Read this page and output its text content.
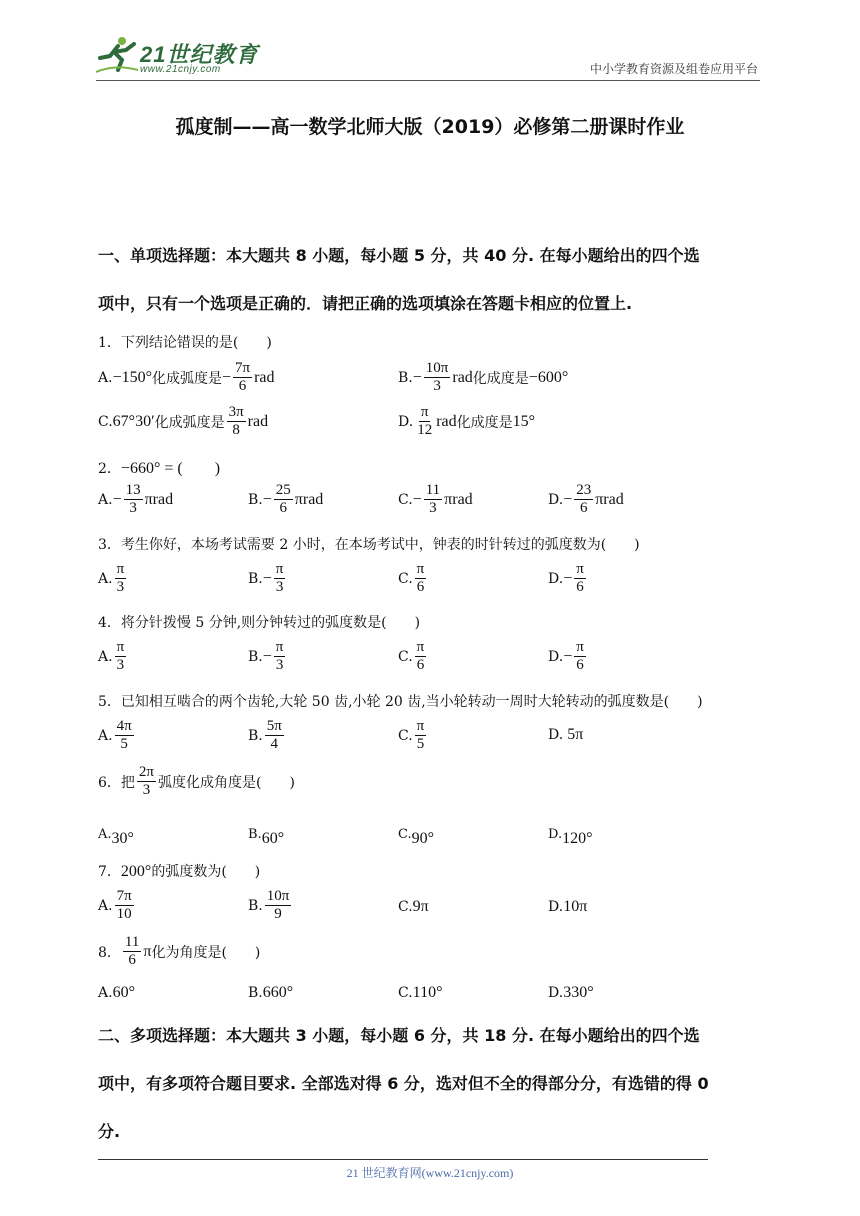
21世纪教育
www.21cnjy.com	中小学教育资源及组卷应用平台
孤度制——高一数学北师大版（2019）必修第二册课时作业
一、单项选择题：本大题共 8 小题，每小题 5 分，共 40 分. 在每小题给出的四个选
项中，只有一个选项是正确的．请把正确的选项填涂在答题卡相应的位置上.
1．下列结论错误的是(　　)
A. −150° 化成弧度是 − $\frac{7\pi}{6}$ rad	B. − $\frac{10\pi}{3}$ rad 化成度是 −600°
C. 67°30′ 化成弧度是 $\frac{3\pi}{8}$ rad	D. $\frac{\pi}{12}$ rad 化成度是 15°
2．−660° = (　　)
A. − $\frac{13}{3}$ πrad	B. − $\frac{25}{6}$ πrad	C. − $\frac{11}{3}$ πrad	D. − $\frac{23}{6}$ πrad
3．考生你好，本场考试需要 2 小时，在本场考试中，钟表的时针转过的弧度数为(　　)
A. $\frac{\pi}{3}$	B. − $\frac{\pi}{3}$	C. $\frac{\pi}{6}$	D. − $\frac{\pi}{6}$
4．将分针拨慢 5 分钟,则分钟转过的弧度数是(　　)
A. $\frac{\pi}{3}$	B. − $\frac{\pi}{3}$	C. $\frac{\pi}{6}$	D. − $\frac{\pi}{6}$
5．已知相互啮合的两个齿轮,大轮 50 齿,小轮 20 齿,当小轮转动一周时大轮转动的弧度数是(　　)
A. $\frac{4\pi}{5}$	B. $\frac{5\pi}{4}$	C. $\frac{\pi}{5}$	D. 5π
6．把 $\frac{2\pi}{3}$ 弧度化成角度是(　　)
A. 30°	B. 60°	C. 90°	D. 120°
7．200°的弧度数为(　　)
A. $\frac{7\pi}{10}$	B. $\frac{10\pi}{9}$	C. 9π	D. 10π
8． $\frac{11}{6}$ π 化为角度是(　　)
A. 60°	B. 660°	C. 110°	D. 330°
二、多项选择题：本大题共 3 小题，每小题 6 分，共 18 分. 在每小题给出的四个选
项中，有多项符合题目要求. 全部选对得 6 分，选对但不全的得部分分，有选错的得 0
分.
21 世纪教育网(www.21cnjy.com)
